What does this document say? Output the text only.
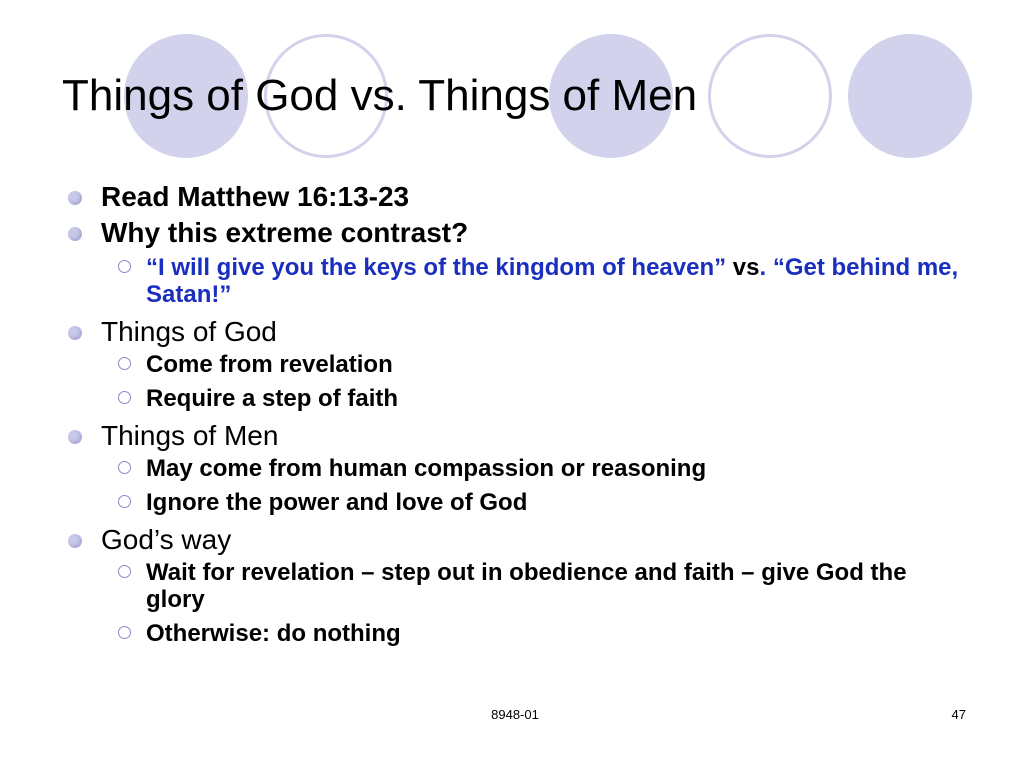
Things of God vs. Things of Men
Read Matthew 16:13-23
Why this extreme contrast?
“I will give you the keys of the kingdom of heaven” vs. “Get behind me, Satan!”
Things of God
Come from revelation
Require a step of faith
Things of Men
May come from human compassion or reasoning
Ignore the power and love of God
God’s way
Wait for revelation – step out in obedience and faith – give God the glory
Otherwise: do nothing
8948-01	47
